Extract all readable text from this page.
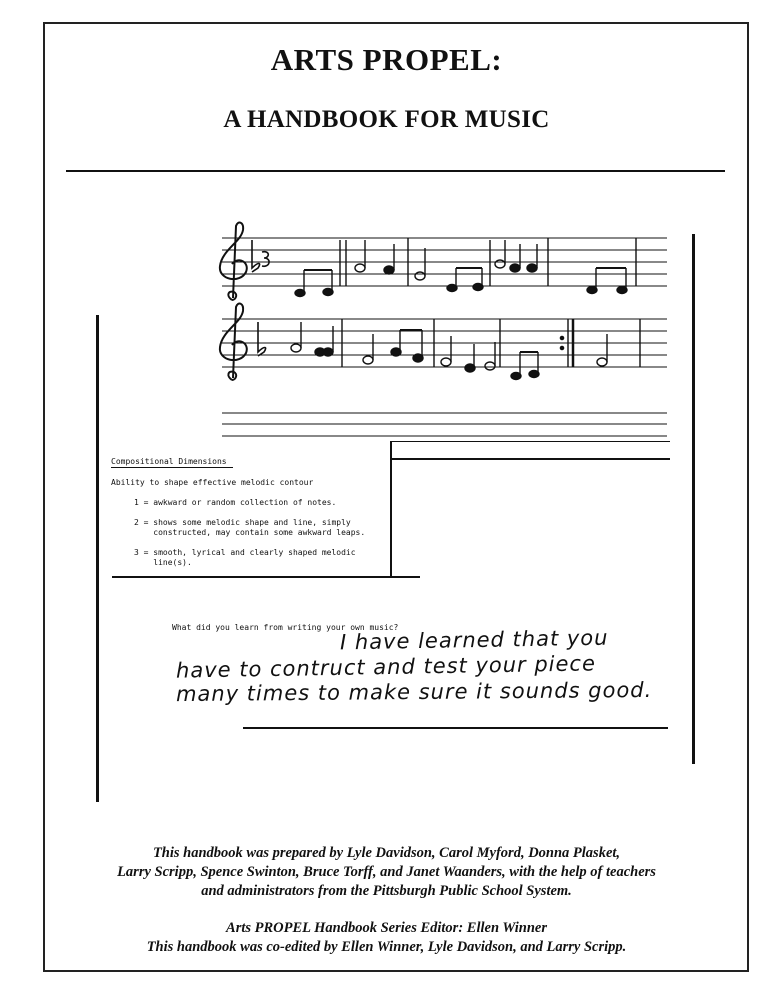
ARTS PROPEL:
A HANDBOOK FOR MUSIC
Compositional Dimensions
Ability to shape effective melodic contour
1 = awkward or random collection of notes.
2 = shows some melodic shape and line, simply
constructed, may contain some awkward leaps.
3 = smooth, lyrical and clearly shaped melodic
line(s).
What did you learn from writing your own music?
I have learned that you
have to contruct and test your piece
many times to make sure it sounds good.
This handbook was prepared by Lyle Davidson, Carol Myford, Donna Plasket,
Larry Scripp, Spence Swinton, Bruce Torff, and Janet Waanders, with the help of teachers
and administrators from the Pittsburgh Public School System.
Arts PROPEL Handbook Series Editor: Ellen Winner
This handbook was co-edited by Ellen Winner, Lyle Davidson, and Larry Scripp.
